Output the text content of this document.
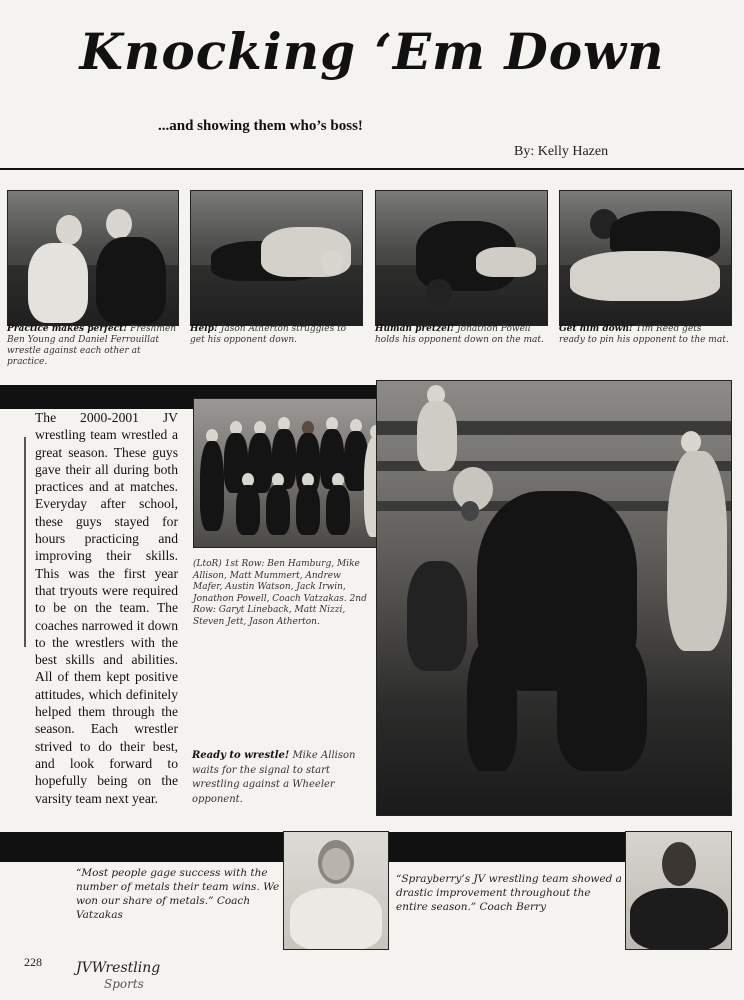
Knocking ‘Em Down
...and showing them who’s boss!
By: Kelly Hazen
Practice makes perfect! Freshmen Ben Young and Daniel Ferrouillat wrestle against each other at practice.
Help! Jason Atherton struggles to get his opponent down.
Human pretzel! Jonathon Powell holds his opponent down on the mat.
Get him down! Tim Reed gets ready to pin his opponent to the mat.
The 2000-2001 JV wrestling team wrestled a great season. These guys gave their all during both practices and at matches. Everyday after school, these guys stayed for hours practicing and improving their skills. This was the first year that tryouts were required to be on the team. The coaches narrowed it down to the wrestlers with the best skills and abilities. All of them kept positive attitudes, which definitely helped them through the season. Each wrestler strived to do their best, and look forward to hopefully being on the varsity team next year.
(LtoR) 1st Row: Ben Hamburg, Mike Allison, Matt Mummert, Andrew Mafer, Austin Watson, Jack Irwin, Jonathon Powell, Coach Vatzakas. 2nd Row: Garyt Lineback, Matt Nizzi, Steven Jett, Jason Atherton.
Ready to wrestle! Mike Allison waits for the signal to start wrestling against a Wheeler opponent.
“Most people gage success with the number of metals their team wins. We won our share of metals.” Coach Vatzakas
“Sprayberry’s JV wrestling team showed a drastic improvement throughout the entire season.” Coach Berry
228 JVWrestling
Sports
